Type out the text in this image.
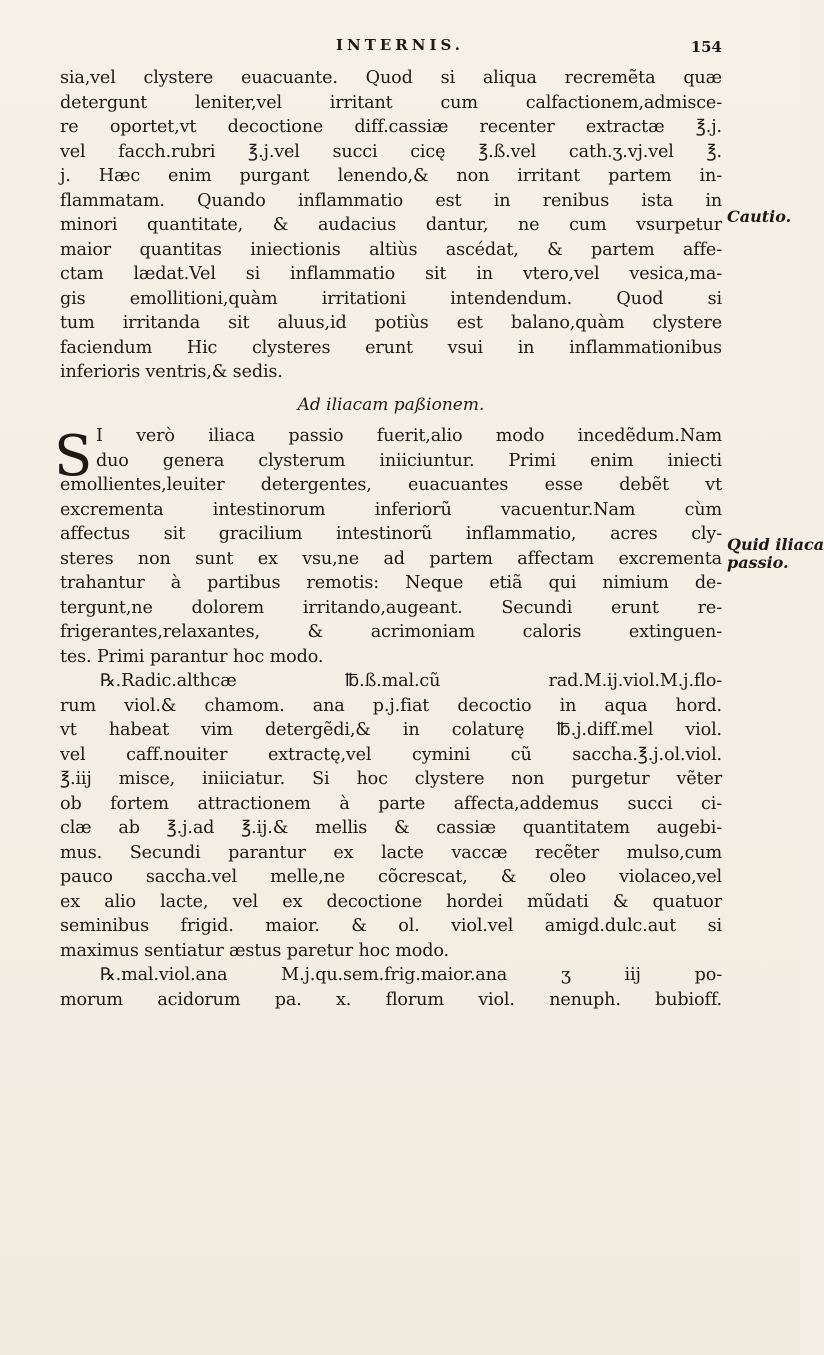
INTERNIS.	154
Cautio.
Quid iliaca
passio.
sia,vel clysterе euacuante. Quod si aliqua recremẽta quæ
detergunt leniter,vel irritant cum calfactionem,admisce-
re oportet,vt decoctione diff.cassiæ recenter extractæ ℥.j.
vel facch.rubri ℥.j.vel succi cicę ℥.ß.vel cath.ʒ.vj.vel ℥.
j. Hæc enim purgant lenendo,& non irritant partem in-
flammatam. Quando inflammatio est in renibus ista in
minori quantitate, & audacius dantur, ne cum vsurpetur
maior quantitas iniectionis altiùs ascédat, & partem affe-
ctam lædat.Vel si inflammatio sit in vtero,vel vesica,ma-
gis emollitioni,quàm irritationi intendendum. Quod si
tum irritanda sit aluus,id potiùs est balano,quàm clysterе
faciendum Hic clysteres erunt vsui in inflammationibus
inferioris ventris,& sedis.
Ad iliacam paßionem.
S I verò iliaca passio fuerit,alio modo incedẽdum.Nam
duo genera clysterum iniiciuntur. Primi enim iniecti
emollientes,leuiter detergentes, euacuantes esse debẽt vt
excrementa intestinorum inferiorũ vacuentur.Nam cùm
affectus sit gracilium intestinorũ inflammatio, acres cly-
steres non sunt ex vsu,ne ad partem affectam excrementa
trahantur à partibus remotis: Neque etiã qui nimium de-
tergunt,ne dolorem irritando,augeant. Secundi erunt re-
frigerantes,relaxantes, & acrimoniam caloris extinguen-
tes. Primi parantur hoc modo.
℞.Radic.althcæ ℔.ß.mal.cũ rad.M.ij.viol.M.j.flo-
rum viol.& chamom. ana p.j.fiat decoctio in aqua hord.
vt habeat vim detergẽdi,& in colaturę ℔.j.diff.mel viol.
vel caff.nouiter extractę,vel cymini cũ saccha.℥.j.ol.viol.
℥.iij misce, iniiciatur. Si hoc clystere non purgetur vẽter
ob fortem attractionem à parte affecta,addemus succi ci-
clæ ab ℥.j.ad ℥.ij.& mellis & cassiæ quantitatem augebi-
mus. Secundi parantur ex lacte vaccæ recẽter mulso,cum
pauco saccha.vel melle,ne cõcrescat, & oleo violaceo,vel
ex alio lacte, vel ex decoctione hordei mũdati & quatuor
seminibus frigid. maior. & ol. viol.vel amigd.dulc.aut si
maximus sentiatur æstus paretur hoc modo.
℞.mal.viol.ana M.j.qu.sem.frig.maior.ana ʒ iij po-
morum acidorum pa. x. florum viol. nenuph. bubioff.
